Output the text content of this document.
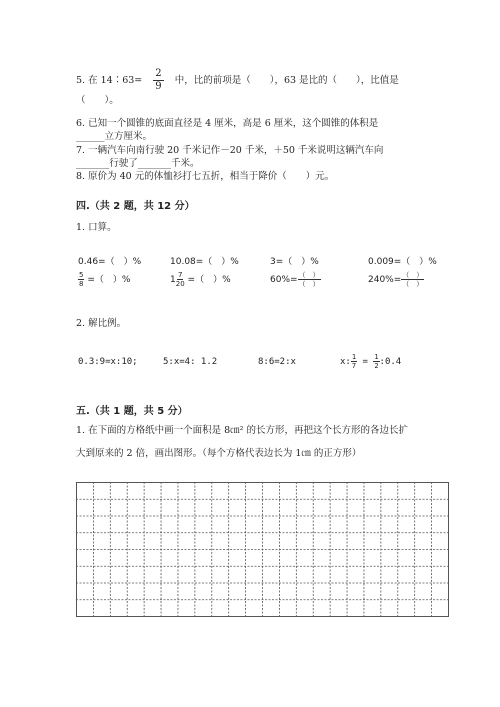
5. 在 14∶63= $\frac{2}{9}$ 中，比的前项是（　　），63 是比的（　　），比值是
（　　）。
6. 已知一个圆锥的底面直径是 4 厘米，高是 6 厘米，这个圆锥的体积是
______立方厘米。
7. 一辆汽车向南行驶 20 千米记作－20 千米，＋50 千米说明这辆汽车向
_______行驶了_______千米。
8. 原价为 40 元的体恤衫打七五折，相当于降价（　　）元。
四.（共 2 题，共 12 分）
1. 口算。
0.46=（　）%	10.08=（　）%	3=（　）%	0.009=（　）%
$\frac{5}{8}$ =（　）%	$1 \frac{7}{20}$ =（　）%	$60\%= \frac{( )}{( )}$	$240\%= \frac{( )}{( )}$
2. 解比例。
0.3:9=x:10;	5:x=4: 1.2	8:6=2:x	x: $\frac{1}{7} = \frac{1}{2}$ :0.4
五.（共 1 题，共 5 分）
1. 在下面的方格纸中画一个面积是 8㎝² 的长方形，再把这个长方形的各边长扩
大到原来的 2 倍，画出图形。（每个方格代表边长为 1㎝ 的正方形）
